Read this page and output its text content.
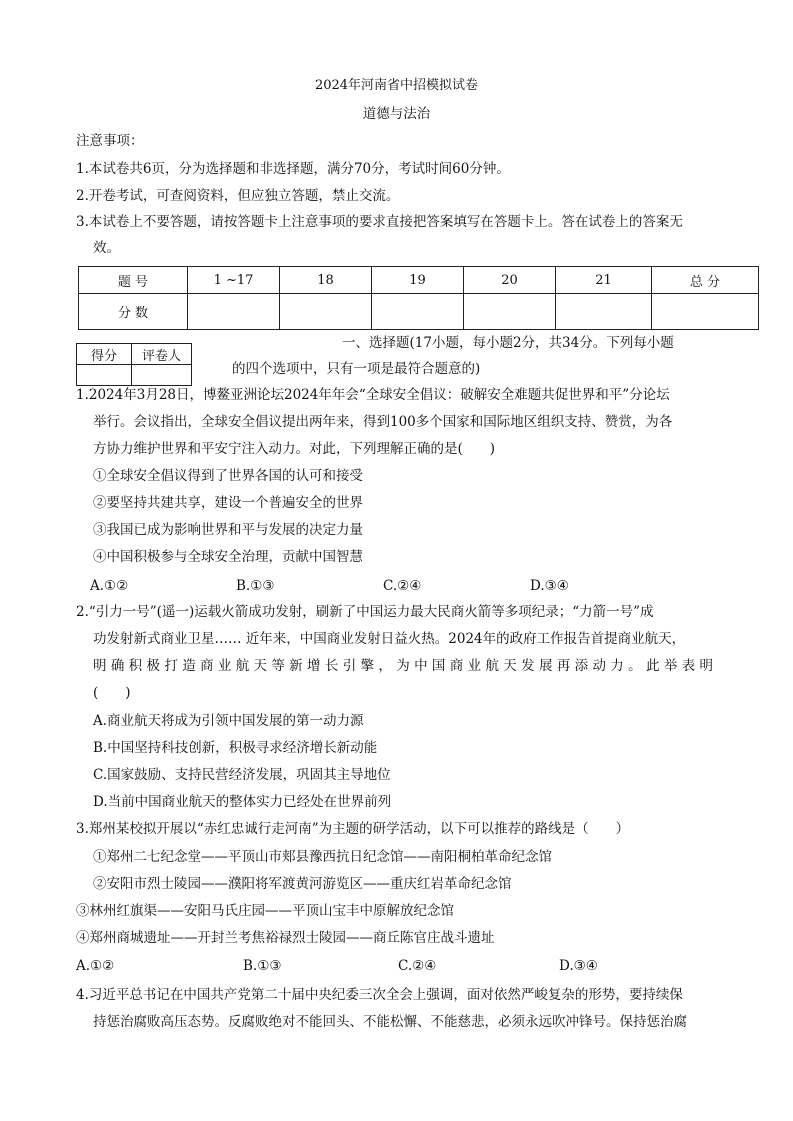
2024年河南省中招模拟试卷
道德与法治
注意事项：
1.本试卷共6页，分为选择题和非选择题，满分70分，考试时间60分钟。
2.开卷考试，可查阅资料，但应独立答题，禁止交流。
3.本试卷上不要答题，请按答题卡上注意事项的要求直接把答案填写在答题卡上。答在试卷上的答案无
效。
题 号	1 ~17	18	19	20	21	总 分
分 数						
得分	评卷人

一、选择题(17小题，每小题2分，共34分。下列每小题
的四个选项中，只有一项是最符合题意的)
1.2024年3月28日，博鳌亚洲论坛2024年年会“全球安全倡议：破解安全难题共促世界和平”分论坛
举行。会议指出，全球安全倡议提出两年来，得到100多个国家和国际地区组织支持、赞赏，为各
方协力维护世界和平安宁注入动力。对此，下列理解正确的是(　　)
①全球安全倡议得到了世界各国的认可和接受
②要坚持共建共享，建设一个普遍安全的世界
③我国已成为影响世界和平与发展的决定力量
④中国积极参与全球安全治理，贡献中国智慧
A.①②	B.①③	C.②④	D.③④
2.“引力一号”(遥一)运载火箭成功发射，刷新了中国运力最大民商火箭等多项纪录；“力箭一号”成
功发射新式商业卫星…… 近年来，中国商业发射日益火热。2024年的政府工作报告首提商业航天，
明确积极打造商业航天等新增长引擎，为中国商业航天发展再添动力。此举表明
(　　)
A.商业航天将成为引领中国发展的第一动力源
B.中国坚持科技创新，积极寻求经济增长新动能
C.国家鼓励、支持民营经济发展，巩固其主导地位
D.当前中国商业航天的整体实力已经处在世界前列
3.郑州某校拟开展以“赤红忠诚行走河南”为主题的研学活动，以下可以推荐的路线是（　　）
①郑州二七纪念堂——平顶山市郏县豫西抗日纪念馆——南阳桐柏革命纪念馆
②安阳市烈士陵园——濮阳将军渡黄河游览区——重庆红岩革命纪念馆
③林州红旗渠——安阳马氏庄园——平顶山宝丰中原解放纪念馆
④郑州商城遗址——开封兰考焦裕禄烈士陵园——商丘陈官庄战斗遗址
A.①②	B.①③	C.②④	D.③④
4.习近平总书记在中国共产党第二十届中央纪委三次全会上强调，面对依然严峻复杂的形势，要持续保
持惩治腐败高压态势。反腐败绝对不能回头、不能松懈、不能慈悲，必须永远吹冲锋号。保持惩治腐
